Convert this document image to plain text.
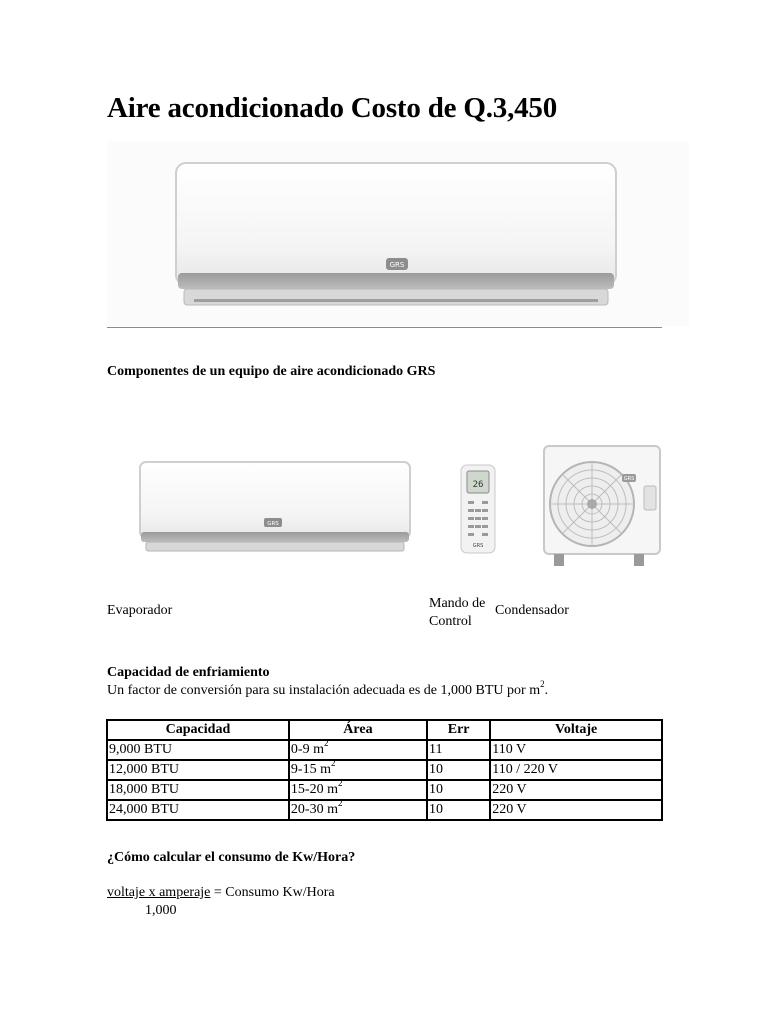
Aire acondicionado Costo de Q.3,450
GRS
Componentes de un equipo de aire acondicionado GRS
GRS
26
GRS
GRS
Evaporador	Mando de
Control
Condensador
Capacidad de enfriamiento
Un factor de conversión para su instalación adecuada es de 1,000 BTU por $m^2$.
Capacidad	Área	Err	Voltaje
9,000 BTU	0-9 $m^2$	11	110 V
12,000 BTU	9-15 $m^2$	10	110 / 220 V
18,000 BTU	15-20 $m^2$	10	220 V
24,000 BTU	20-30 $m^2$	10	220 V
¿Cómo calcular el consumo de Kw/Hora?
voltaje x amperaje = Consumo Kw/Hora
1,000
